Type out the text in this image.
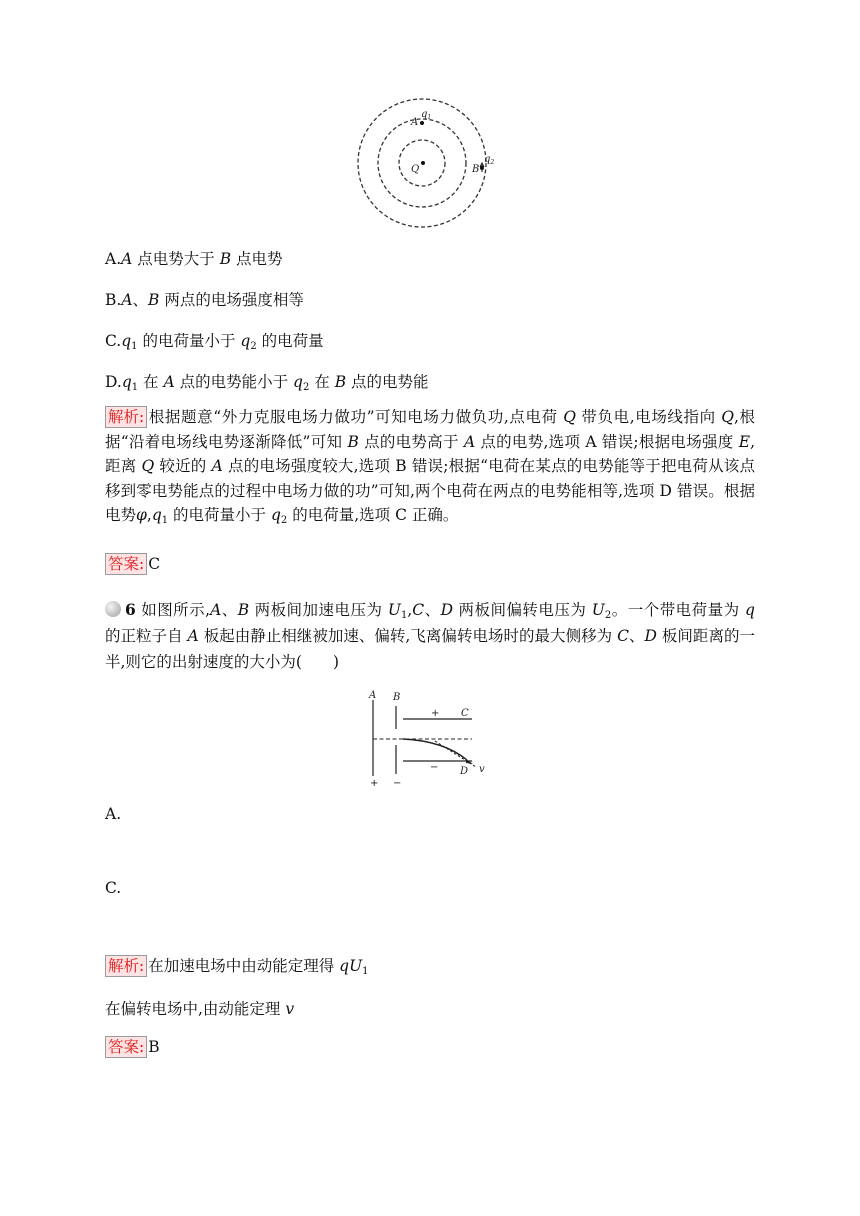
A
$q_1$
Q	B
$q_2$
A.A 点电势大于 B 点电势
B.A、B 两点的电场强度相等
$C.q_1$ 的电荷量小于 $q_2$ 的电荷量
$D.q_1$ 在 A 点的电势能小于 $q_2$ 在 B 点的电势能
解析: 根据题意“外力克服电场力做功”可知电场力做负功,点电荷 Q 带负电,电场线指向 Q,根据“沿着电场线电势逐渐降低”可知 B 点的电势高于 A 点的电势,选项 A 错误;根据电场强度 E,距离 Q 较近的 A 点的电场强度较大,选项 B 错误;根据“电荷在某点的电势能等于把电荷从该点移到零电势能点的过程中电场力做的功”可知,两个电荷在两点的电势能相等,选项 D 错误。根据电势$\varphi,q_1$ 的电荷量小于 $q_2$ 的电荷量,选项 C 正确。
答案: C
6 如图所示,A、B 两板间加速电压为 $U_1,C$、D 两板间偏转电压为 $U_2$。一个带电荷量为 q 的正粒子自 A 板起由静止相继被加速、偏转,飞离偏转电场时的最大侧移为 C、D 板间距离的一半,则它的出射速度的大小为(　　)
A B
+ C
− D v
+ −
A.
C.
解析: 在加速电场中由动能定理得 $qU_1$
在偏转电场中,由动能定理 v
答案: B
